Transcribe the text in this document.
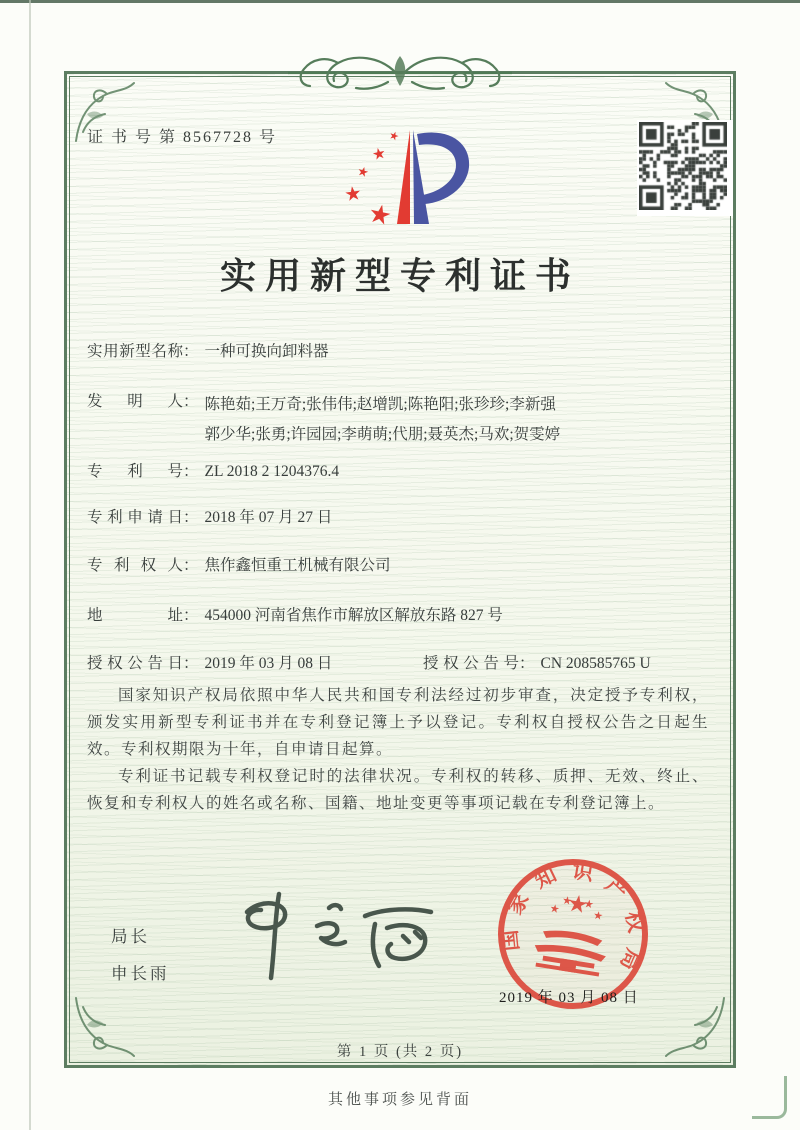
证 书 号 第 8567728 号
实用新型专利证书
实用新型名称 ： 一种可换向卸料器
发明人 ： 陈艳茹;王万奇;张伟伟;赵增凯;陈艳阳;张珍珍;李新强
郭少华;张勇;许园园;李萌萌;代朋;聂英杰;马欢;贺雯婷
专利号 ： ZL 2018 2 1204376.4
专利申请日 ： 2018 年 07 月 27 日
专利权人 ： 焦作鑫恒重工机械有限公司
地址 ： 454000 河南省焦作市解放区解放东路 827 号
授权公告日 ： 2019 年 03 月 08 日	授权公告号 ： CN 208585765 U

国家知识产权局依照中华人民共和国专利法经过初步审查，决定授予专利权，颁发实用新型专利证书并在专利登记簿上予以登记。专利权自授权公告之日起生效。专利权期限为十年，自申请日起算。

专利证书记载专利权登记时的法律状况。专利权的转移、质押、无效、终止、恢复和专利权人的姓名或名称、国籍、地址变更等事项记载在专利登记簿上。

局长
申长雨
国家知识产权局
2019 年 03 月 08 日
第 1 页 (共 2 页)
其他事项参见背面
